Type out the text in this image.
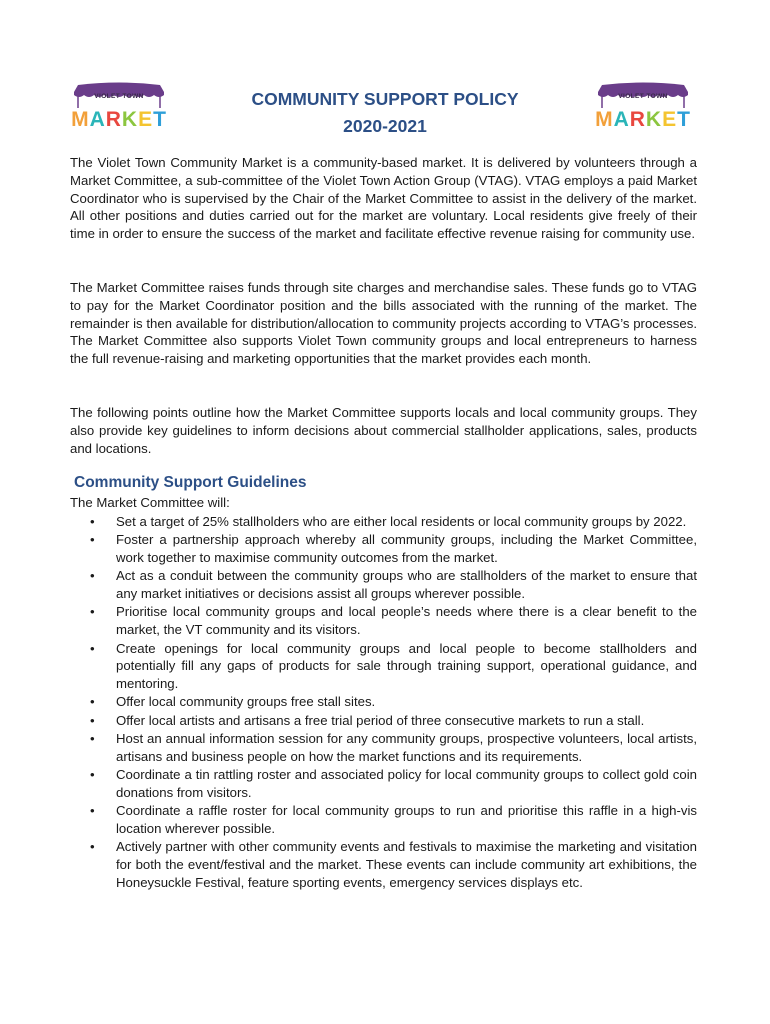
VIOLET TOWN
MARKET
VIOLET TOWN
MARKET
COMMUNITY SUPPORT POLICY
2020-2021

The Violet Town Community Market is a community-based market. It is delivered by volunteers through a Market Committee, a sub-committee of the Violet Town Action Group (VTAG). VTAG employs a paid Market Coordinator who is supervised by the Chair of the Market Committee to assist in the delivery of the market. All other positions and duties carried out for the market are voluntary. Local residents give freely of their time in order to ensure the success of the market and facilitate effective revenue raising for community use.

The Market Committee raises funds through site charges and merchandise sales. These funds go to VTAG to pay for the Market Coordinator position and the bills associated with the running of the market. The remainder is then available for distribution/allocation to community projects according to VTAG’s processes. The Market Committee also supports Violet Town community groups and local entrepreneurs to harness the full revenue-raising and marketing opportunities that the market provides each month.

The following points outline how the Market Committee supports locals and local community groups. They also provide key guidelines to inform decisions about commercial stallholder applications, sales, products and locations.

Community Support Guidelines

The Market Committee will:

• Set a target of 25% stallholders who are either local residents or local community groups by 2022.
• Foster a partnership approach whereby all community groups, including the Market Committee, work together to maximise community outcomes from the market.
• Act as a conduit between the community groups who are stallholders of the market to ensure that any market initiatives or decisions assist all groups wherever possible.
• Prioritise local community groups and local people’s needs where there is a clear benefit to the market, the VT community and its visitors.
• Create openings for local community groups and local people to become stallholders and potentially fill any gaps of products for sale through training support, operational guidance, and mentoring.
• Offer local community groups free stall sites.
• Offer local artists and artisans a free trial period of three consecutive markets to run a stall.
• Host an annual information session for any community groups, prospective volunteers, local artists, artisans and business people on how the market functions and its requirements.
• Coordinate a tin rattling roster and associated policy for local community groups to collect gold coin donations from visitors.
• Coordinate a raffle roster for local community groups to run and prioritise this raffle in a high-vis location wherever possible.
• Actively partner with other community events and festivals to maximise the marketing and visitation for both the event/festival and the market. These events can include community art exhibitions, the Honeysuckle Festival, feature sporting events, emergency services displays etc.
